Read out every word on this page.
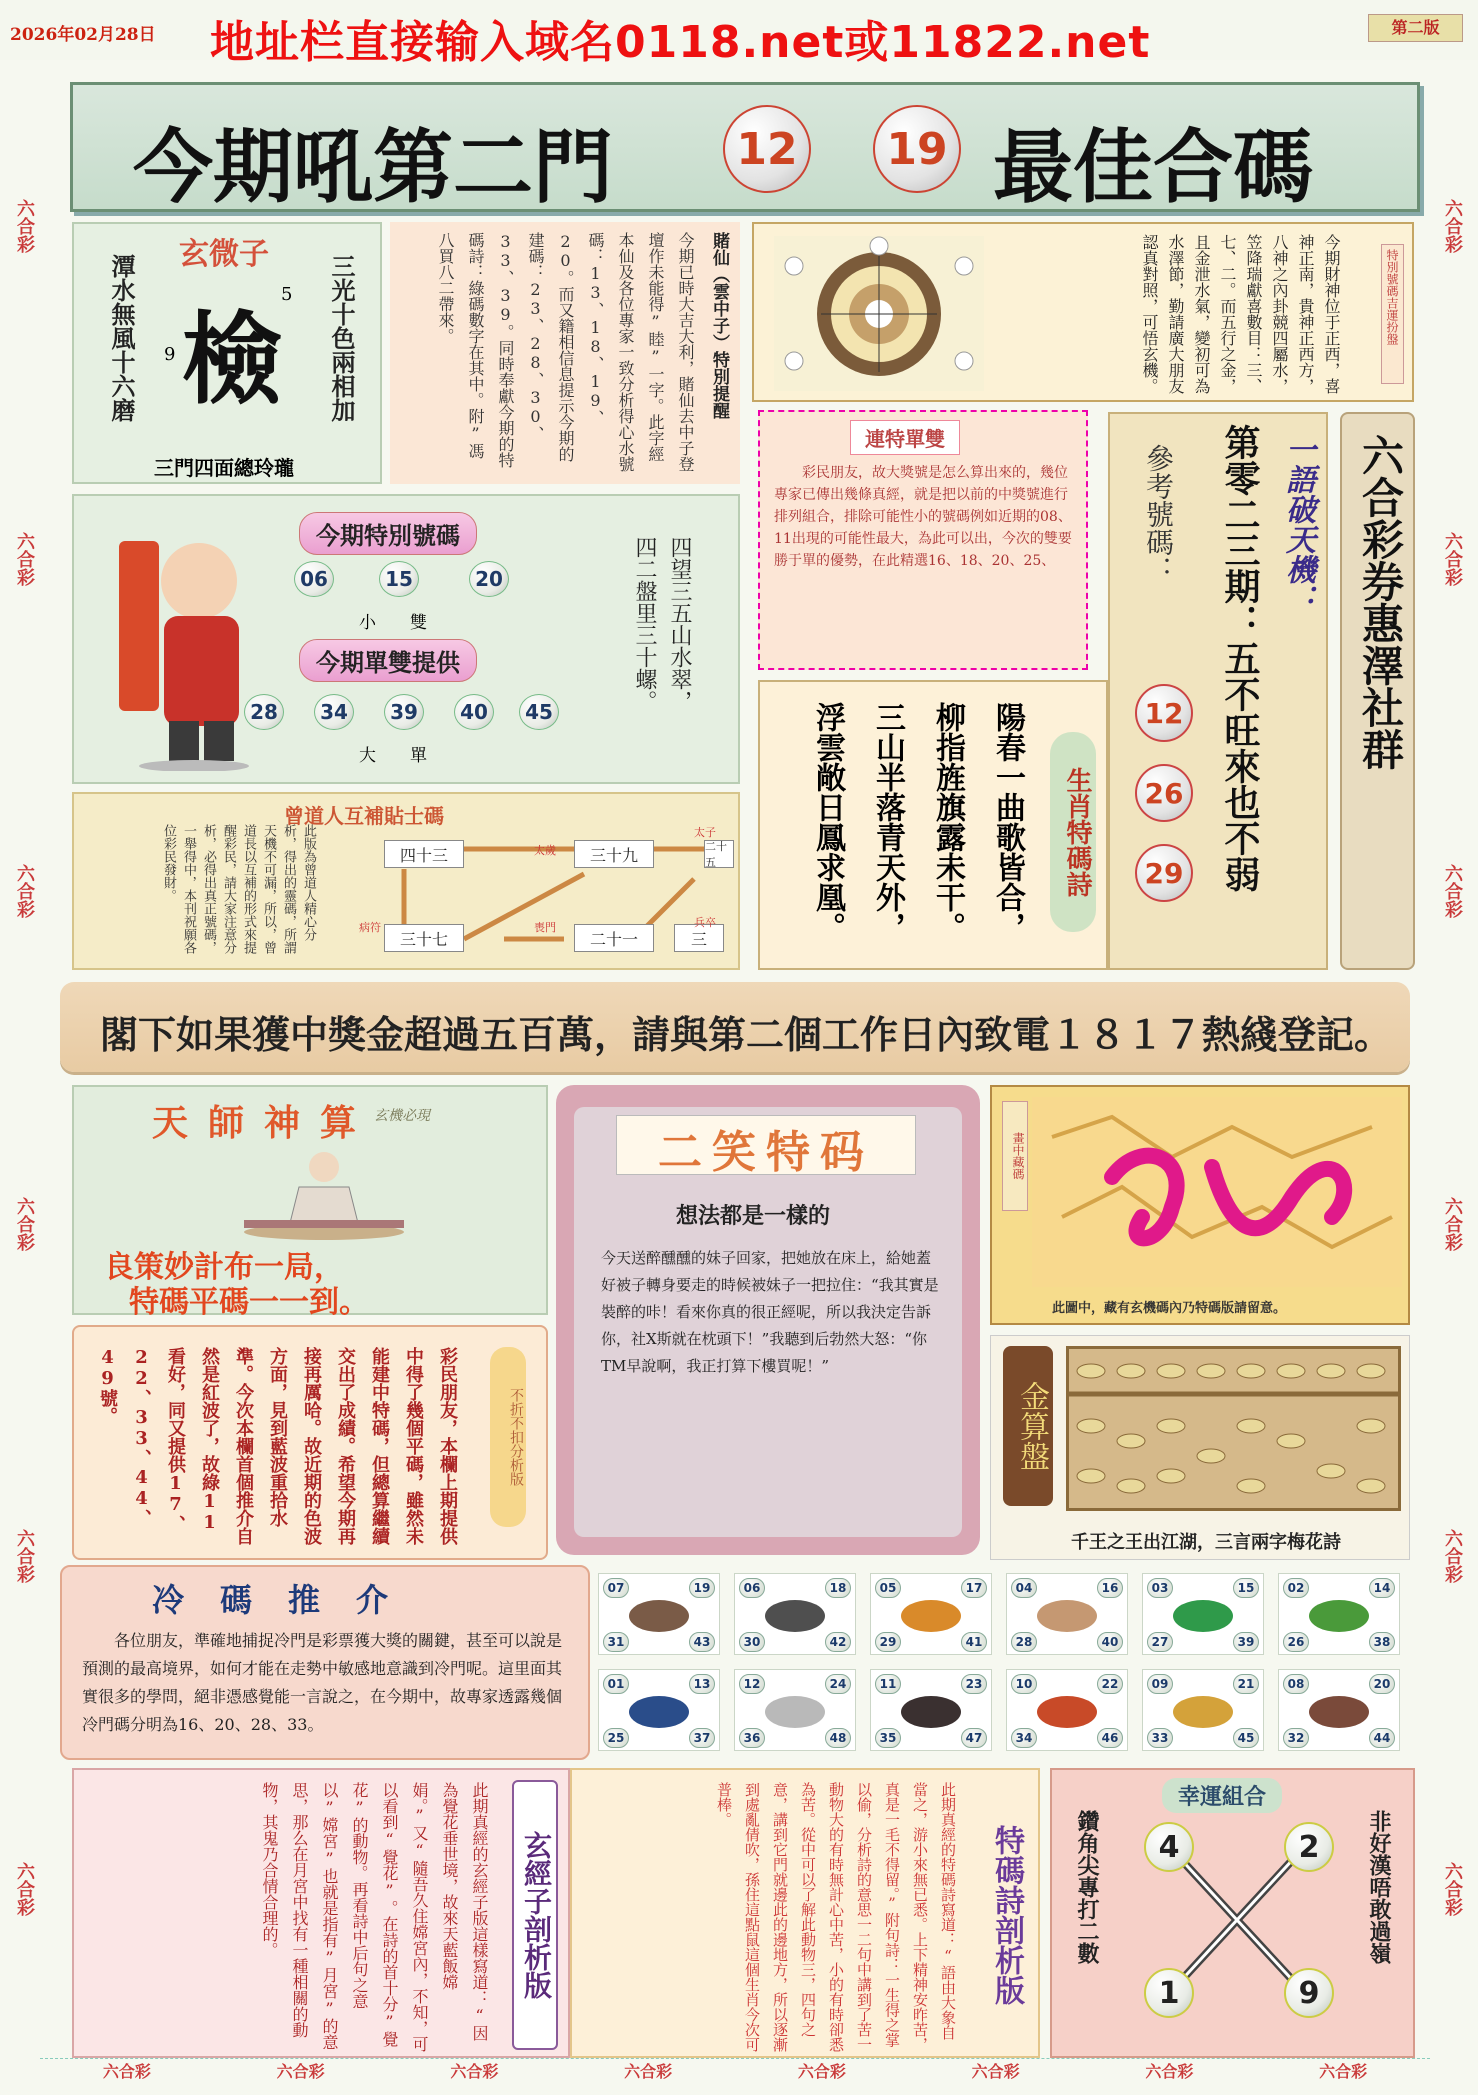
2026年02月28日 地址栏直接输入域名0118.net或11822.net	第二版
六合彩
六合彩
六合彩
六合彩
六合彩
六合彩
六合彩
六合彩
六合彩
六合彩
六合彩
六合彩
六合彩	六合彩	六合彩	六合彩	六合彩	六合彩	六合彩	六合彩
今期吼第二門	12	19 最佳合碼
玄微子
潭水無風十六磨 檢
5
9	三光十色兩相加
三門四面總玲瓏
賭仙（雲中子）特別提醒
今期已時大吉大利，賭仙去中子登壇作未能得”睦”一字。此字經本仙及各位專家一致分析得心水號碼：13、18、19、20。而又籍相信息提示今期的建碼：23、28、30、33、39。同時奉獻今期的特碼詩：綠碼數字在其中。附”馮八買八二帶來。	今期財神位于正西，喜神正南，貴神正西方，八神之內卦競四屬水，笠降瑞獻喜數目：三、七、二。而五行之金，且金泄水氣，變初可為水澤節，勤請廣大朋友認真對照，可悟玄機。	特別號碼吉運扮盤
今期特別號碼
06	15	20
小　　雙
今期單雙提供
28	34	39	40	45
大　　單
四望三五山水翠，
四二盤里三十螺。
連特單雙
彩民朋友，故大獎號是怎么算出來的，幾位專家已傳出幾條真經，就是把以前的中獎號進行排列組合，排除可能性小的號碼例如近期的08、11出現的可能性最大，為此可以出，今次的雙要勝于單的優勢，在此精選16、18、20、25、
生肖特碼詩
陽春一曲歌皆合，
柳指旌旗露未干。
三山半落青天外，
浮雲敞日鳳求凰。
參考號碼：
12
26
29 第零二三期：五不旺來也不弱 一語破天機： 六合彩券惠澤社群
曾道人互補貼士碼
此版為曾道人精心分析，得出的靈碼，所謂天機不可漏，所以，曾道長以互補的形式來提醒彩民，請大家注意分析，必得出真正號碼，一舉得中，本刊祝願各位彩民發財。	四十三	三十九	二十五
三十七	二十一	三
太歲
太子
病符	喪門	兵卒
閣下如果獲中獎金超過五百萬，請與第二個工作日內致電１８１７熱綫登記。
天師神算
玄機必現
良策妙計布一局，
特碼平碼一一到。
彩民朋友，本欄上期提供中得了幾個平碼，雖然未能建中特碼，但總算繼續交出了成績。希望今期再接再厲哈。故近期的色波方面，見到藍波重拾水準。今次本欄首個推介自然是紅波了，故綠11看好，同又提供17、22、33、44、49號。
不折不扣分析版
二笑特码
想法都是一樣的
今天送醉醺醺的妹子回家，把她放在床上，給她蓋好被子轉身要走的時候被妹子一把拉住：“我其實是裝醉的咔！看來你真的很正經呢，所以我決定告訴你，社X斯就在枕頭下！”我聽到后勃然大怒：“你TM早說啊，我正打算下樓買呢！”
畫中藏碼
此圖中，藏有玄機碼內乃特碼版請留意。
金算盤
千王之王出江湖，三言兩字梅花詩
冷碼推介
各位朋友，準確地捕捉冷門是彩票獲大獎的關鍵，甚至可以說是預測的最高境界，如何才能在走勢中敏感地意識到冷門呢。這里面其實很多的學問，絕非憑感覺能一言說之，在今期中，故專家透露幾個冷門碼分明為16、20、28、33。
07	19
31	43
06	18
30	42
05	17
29	41
04	16
28	40
03	15
27	39
02	14
26	38
01	13
25	37
12	24
36	48
11	23
35	47
10	22
34	46
09	21
33	45
08	20
32	44
玄經子剖析版
此期真經的玄經子版這樣寫道：“因為覺花垂世境，故來天藍飯嫦娟。”又“隨吾久住嫦宮內，不知，可以看到“覺花”。在詩的首十分”覺花”的動物。再看詩中后句之意以”嫦宮”也就是指有”月宮”的意思，那么在月宮中找有一種相關的動物，其鬼乃合情合理的。	特碼詩剖析版
此期真經的特碼詩寫道：“語由大象自當之，游小來無已悉。上下精神安昨苦，真是一毛不得留。”附句詩：一生得之掌以偷，分析詩的意思一二句中講到了苦一動物大的有時無計心中苦，小的有時卻悉為苦。從中可以了解此動物三，四句之意，講到它門就邊此的邊地方，所以逐漸到處亂倩吹，孫住這點鼠這個生肖今次可普棒。	幸運組合
4	2
1	9
鑽角尖專打二數	非好漢唔敢過嶺
